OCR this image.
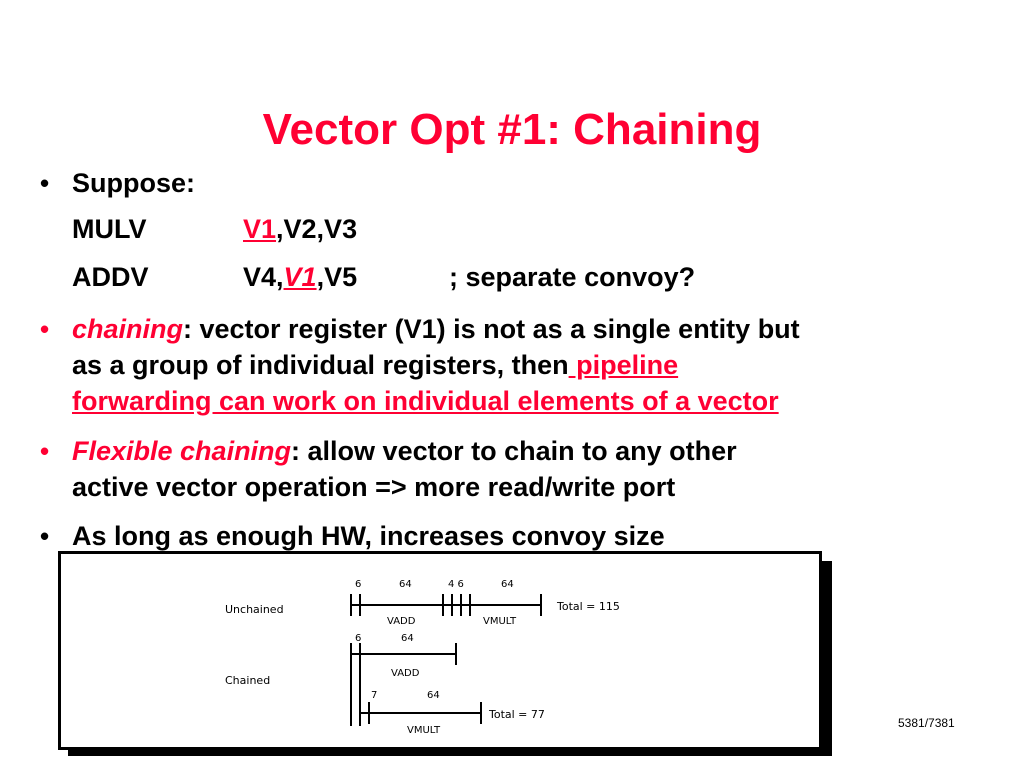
Vector Opt #1: Chaining
• Suppose:
MULV	V1,V2,V3
ADDV	V4,V1,V5	; separate convoy?
• chaining: vector register (V1) is not as a single entity but
as a group of individual registers, then pipeline
forwarding can work on individual elements of a vector
• Flexible chaining: allow vector to chain to any other
active vector operation => more read/write port
• As long as enough HW, increases convoy size
Unchained
6	64
VADD
4 6	64
VMULT
Total = 115
Chained
6	64
VADD
7	64
VMULT
Total = 77
5381/7381
